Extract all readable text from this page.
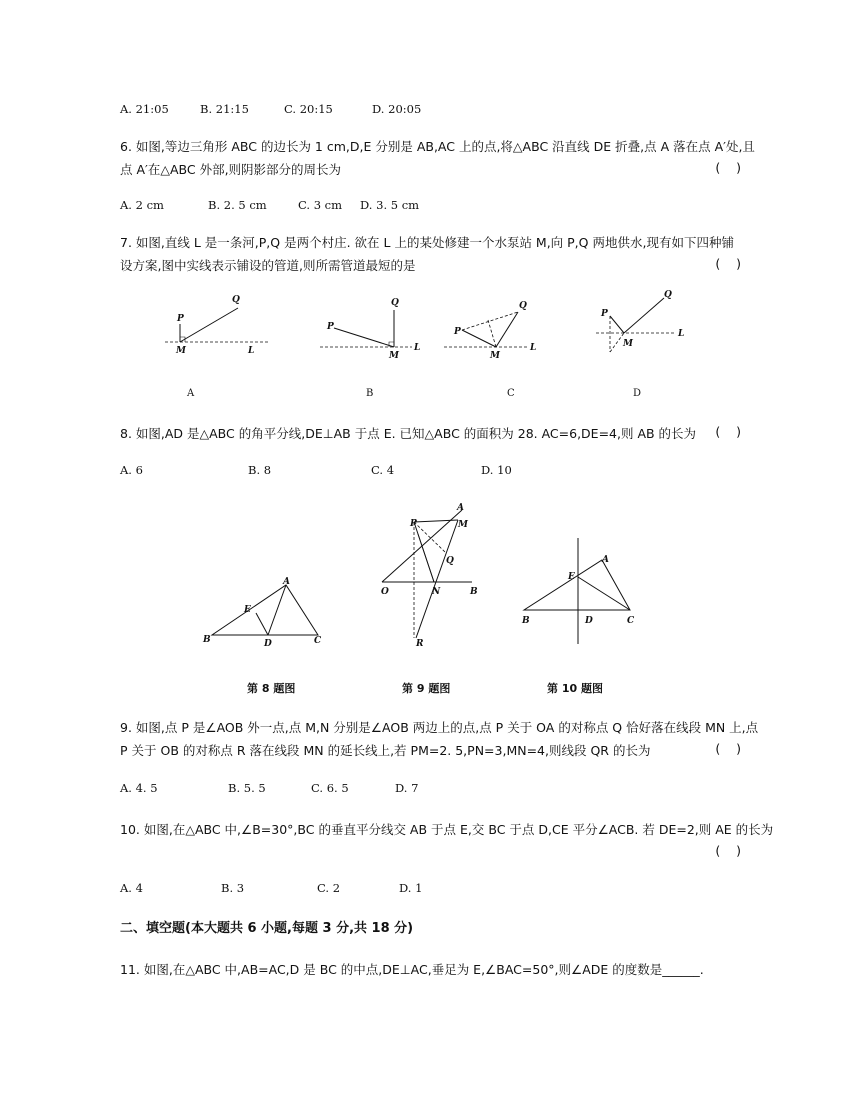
A. 21:05	B. 21:15	C. 20:15	D. 20:05
6. 如图,等边三角形 ABC 的边长为 1 cm,D,E 分别是 AB,AC 上的点,将△ABC 沿直线 DE 折叠,点 A 落在点 A′处,且
点 A′在△ABC 外部,则阴影部分的周长为	(    )
A. 2 cm	B. 2. 5 cm	C. 3 cm D. 3. 5 cm
7. 如图,直线 L 是一条河,P,Q 是两个村庄. 欲在 L 上的某处修建一个水泵站 M,向 P,Q 两地供水,现有如下四种铺
设方案,图中实线表示铺设的管道,则所需管道最短的是	(    )
P
Q
M	L
P
Q
M
L
P
Q
M
L
P
Q
M
L
A	B	C	D
8. 如图,AD 是△ABC 的角平分线,DE⊥AB 于点 E. 已知△ABC 的面积为 28. AC=6,DE=4,则 AB 的长为 (    )
A. 6	B. 8	C. 4	D. 10
A
B	C
D
E
P
A
M
Q
O	N	B
R
A
E
B	D	C
第 8 题图	第 9 题图	第 10 题图
9. 如图,点 P 是∠AOB 外一点,点 M,N 分别是∠AOB 两边上的点,点 P 关于 OA 的对称点 Q 恰好落在线段 MN 上,点
P 关于 OB 的对称点 R 落在线段 MN 的延长线上,若 PM=2. 5,PN=3,MN=4,则线段 QR 的长为	(    )
A. 4. 5	B. 5. 5	C. 6. 5	D. 7
10. 如图,在△ABC 中,∠B=30°,BC 的垂直平分线交 AB 于点 E,交 BC 于点 D,CE 平分∠ACB. 若 DE=2,则 AE 的长为
(    )
A. 4	B. 3	C. 2	D. 1
二、填空题(本大题共 6 小题,每题 3 分,共 18 分)
11. 如图,在△ABC 中,AB=AC,D 是 BC 的中点,DE⊥AC,垂足为 E,∠BAC=50°,则∠ADE 的度数是______.
